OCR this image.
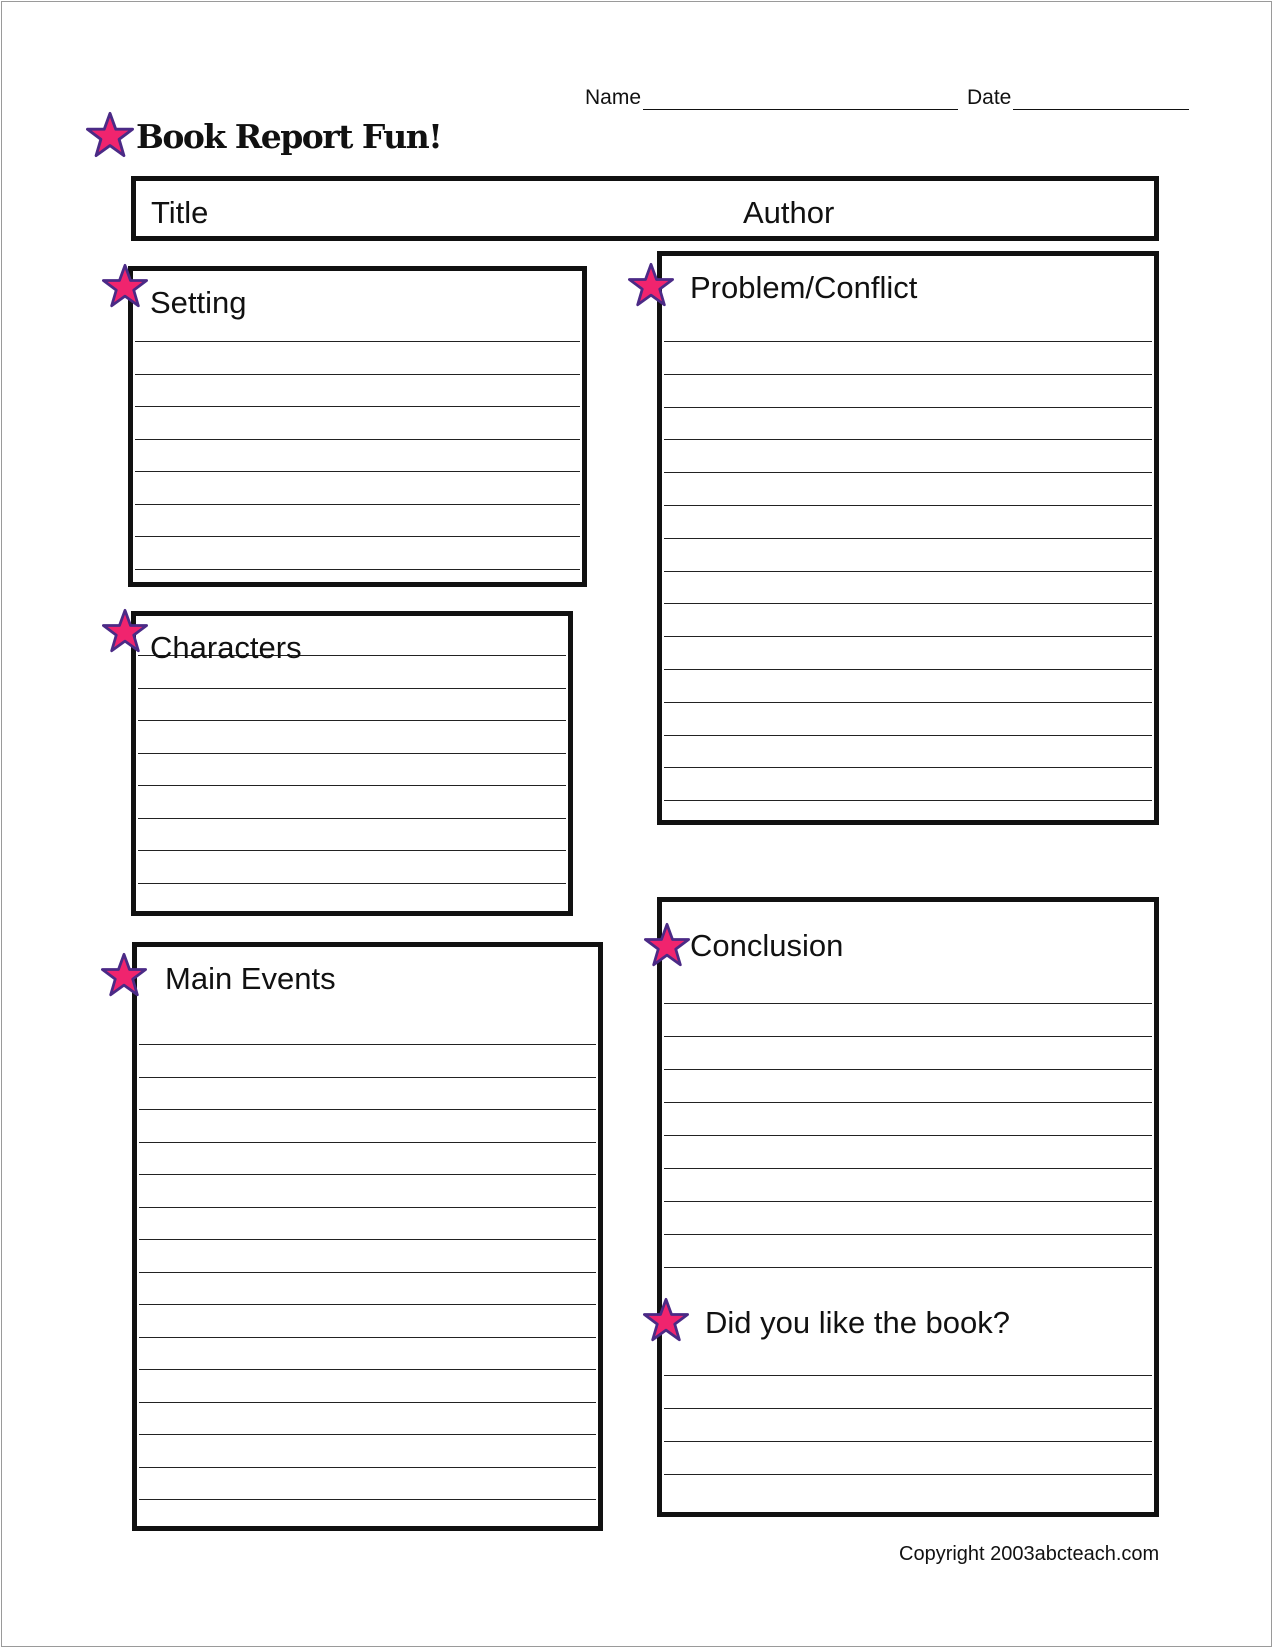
Name	Date
Book Report Fun!
Title	Author
Setting
Characters
Main Events
Problem/Conflict
Conclusion
Did you like the book?
Copyright 2003abcteach.com
